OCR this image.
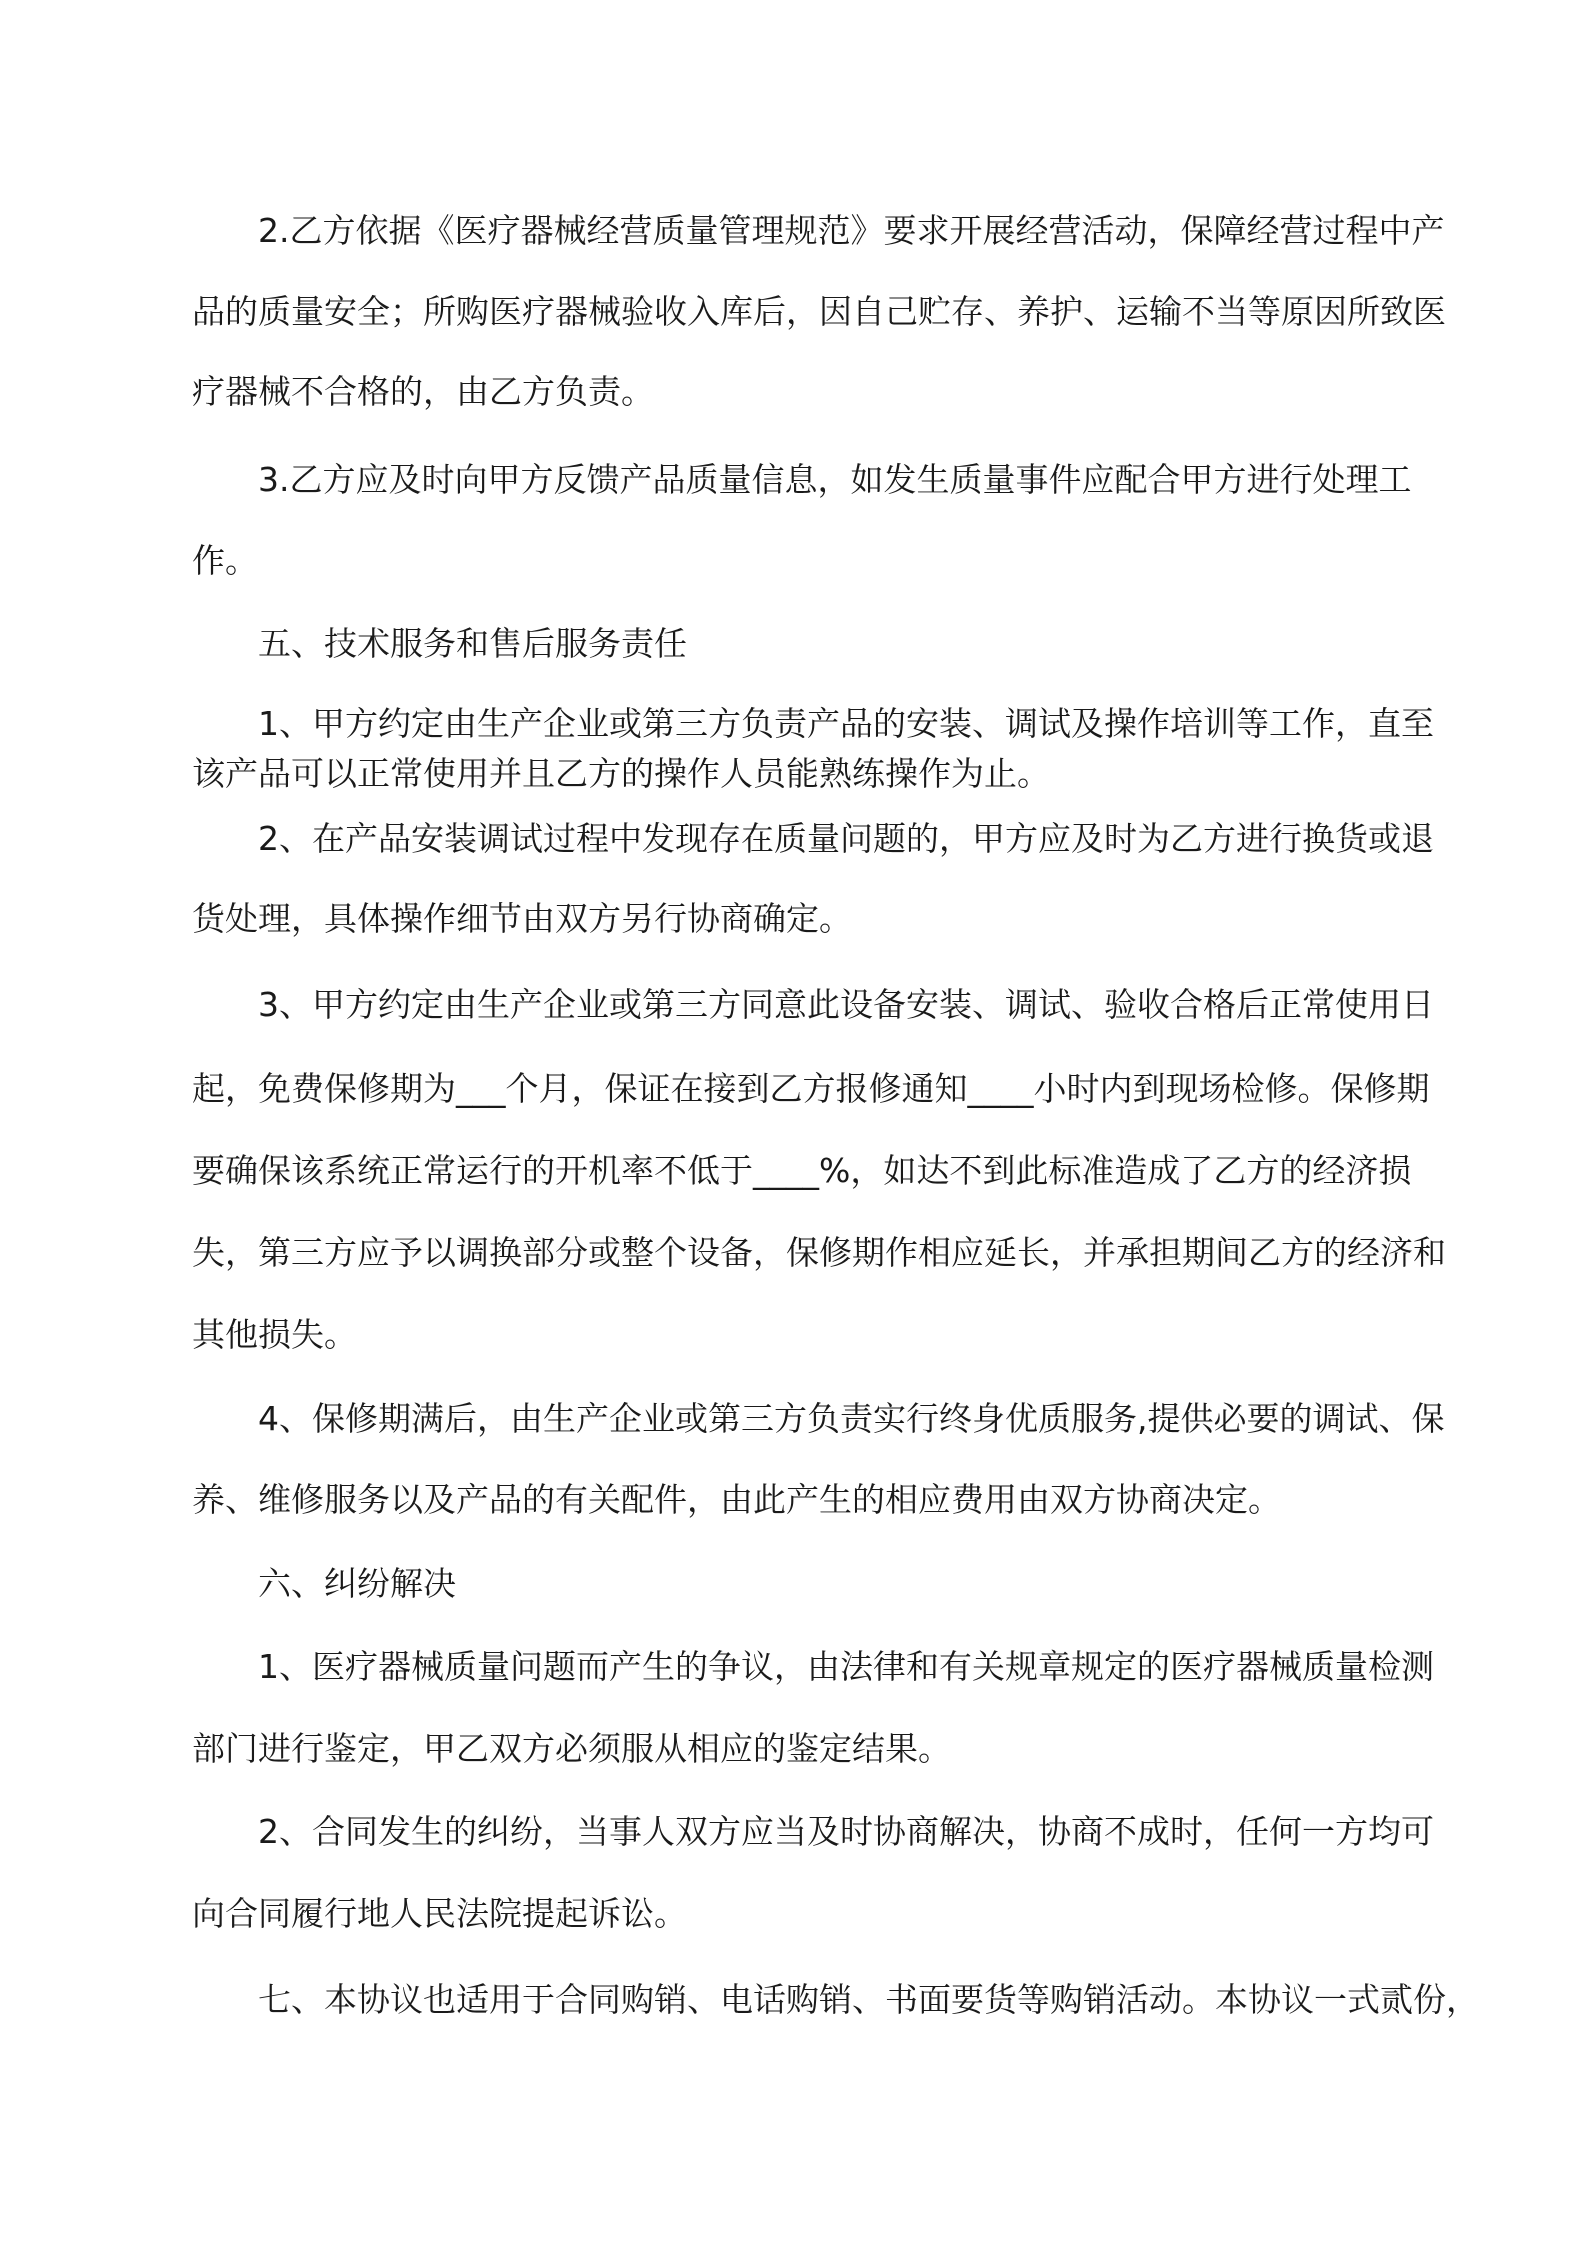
2.乙方依据《医疗器械经营质量管理规范》要求开展经营活动，保障经营过程中产
品的质量安全；所购医疗器械验收入库后，因自己贮存、养护、运输不当等原因所致医
疗器械不合格的，由乙方负责。
3.乙方应及时向甲方反馈产品质量信息，如发生质量事件应配合甲方进行处理工
作。
五、技术服务和售后服务责任
1、甲方约定由生产企业或第三方负责产品的安装、调试及操作培训等工作，直至
该产品可以正常使用并且乙方的操作人员能熟练操作为止。
2、在产品安装调试过程中发现存在质量问题的，甲方应及时为乙方进行换货或退
货处理，具体操作细节由双方另行协商确定。
3、甲方约定由生产企业或第三方同意此设备安装、调试、验收合格后正常使用日
起，免费保修期为___个月，保证在接到乙方报修通知____小时内到现场检修。保修期
要确保该系统正常运行的开机率不低于____%，如达不到此标准造成了乙方的经济损
失，第三方应予以调换部分或整个设备，保修期作相应延长，并承担期间乙方的经济和
其他损失。
4、保修期满后，由生产企业或第三方负责实行终身优质服务,提供必要的调试、保
养、维修服务以及产品的有关配件，由此产生的相应费用由双方协商决定。
六、纠纷解决
1、医疗器械质量问题而产生的争议，由法律和有关规章规定的医疗器械质量检测
部门进行鉴定，甲乙双方必须服从相应的鉴定结果。
2、合同发生的纠纷，当事人双方应当及时协商解决，协商不成时，任何一方均可
向合同履行地人民法院提起诉讼。
七、本协议也适用于合同购销、电话购销、书面要货等购销活动。本协议一式贰份，
